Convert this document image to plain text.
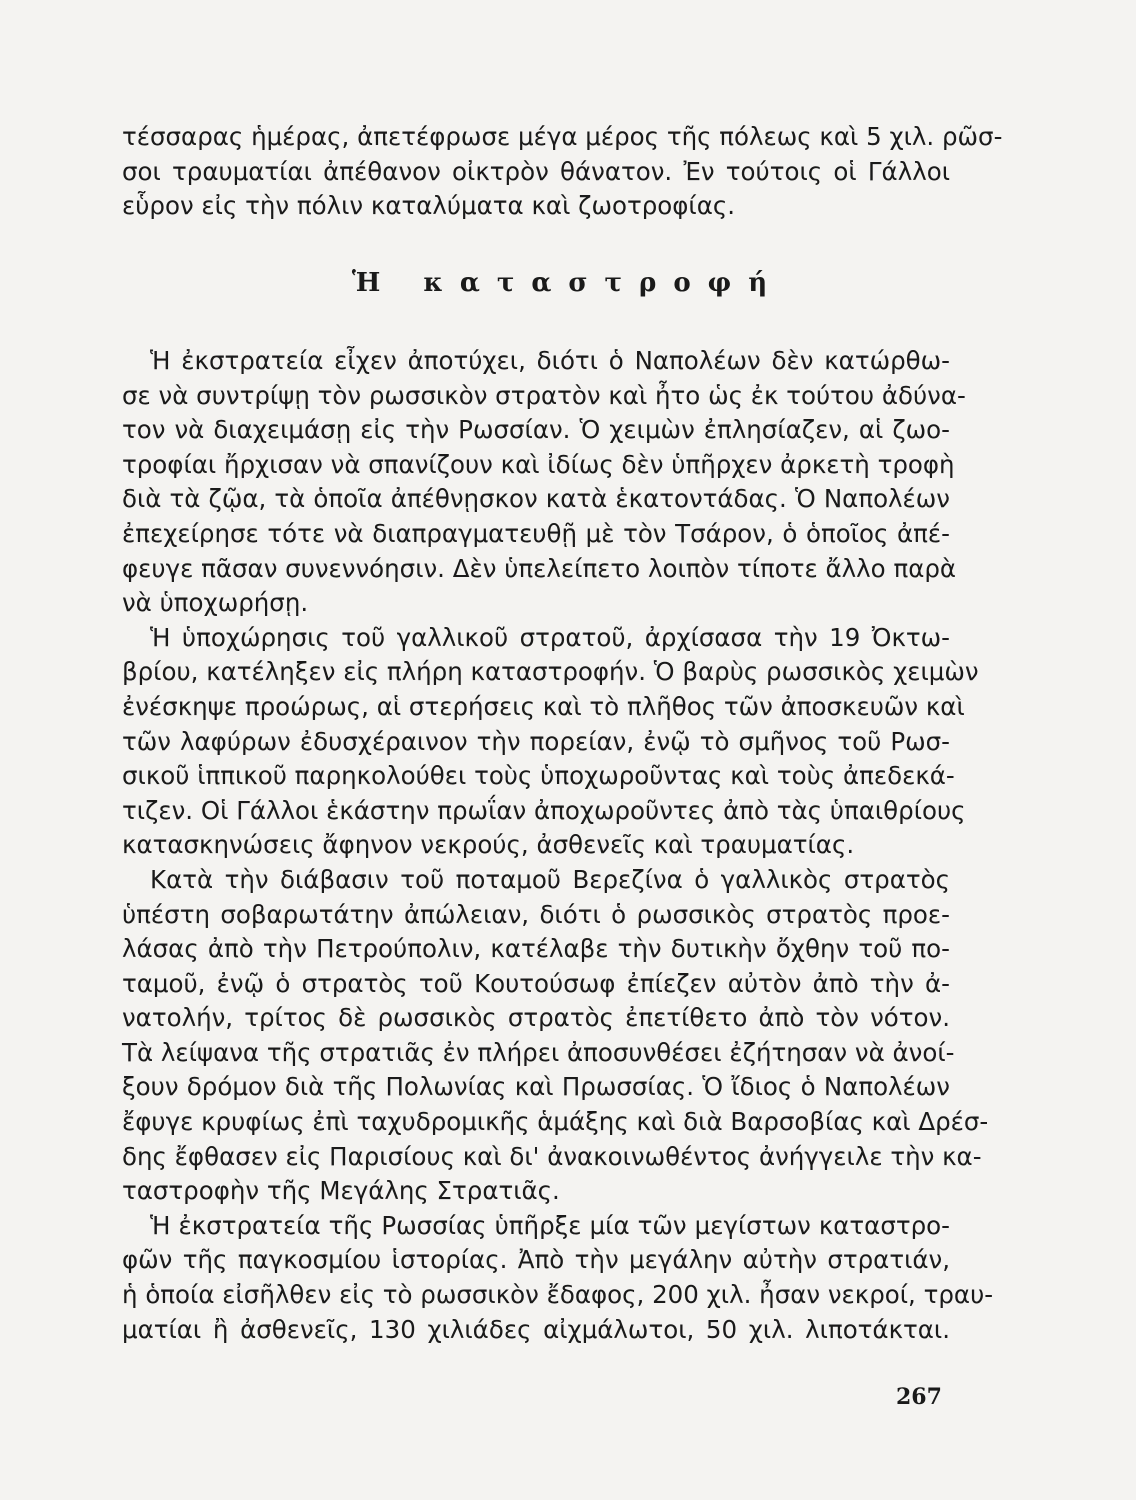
τέσσαρας ἡμέρας, ἀπετέφρωσε μέγα μέρος τῆς πόλεως καὶ 5 χιλ. ρῶσ-
σοι τραυματίαι ἀπέθανον οἰκτρὸν θάνατον. Ἐν τούτοις οἱ Γάλλοι
εὗρον εἰς τὴν πόλιν καταλύματα καὶ ζωοτροφίας.
Ἡ καταστροφή
Ἡ ἐκστρατεία εἶχεν ἀποτύχει, διότι ὁ Ναπολέων δὲν κατώρθω-
σε νὰ συντρίψῃ τὸν ρωσσικὸν στρατὸν καὶ ἦτο ὡς ἐκ τούτου ἀδύνα-
τον νὰ διαχειμάσῃ εἰς τὴν Ρωσσίαν. Ὁ χειμὼν ἐπλησίαζεν, αἱ ζωο-
τροφίαι ἤρχισαν νὰ σπανίζουν καὶ ἰδίως δὲν ὑπῆρχεν ἀρκετὴ τροφὴ
διὰ τὰ ζῷα, τὰ ὁποῖα ἀπέθνῃσκον κατὰ ἑκατοντάδας. Ὁ Ναπολέων
ἐπεχείρησε τότε νὰ διαπραγματευθῇ μὲ τὸν Τσάρον, ὁ ὁποῖος ἀπέ-
φευγε πᾶσαν συνεννόησιν. Δὲν ὑπελείπετο λοιπὸν τίποτε ἄλλο παρὰ
νὰ ὑποχωρήσῃ.
Ἡ ὑποχώρησις τοῦ γαλλικοῦ στρατοῦ, ἀρχίσασα τὴν 19 Ὀκτω-
βρίου, κατέληξεν εἰς πλήρη καταστροφήν. Ὁ βαρὺς ρωσσικὸς χειμὼν
ἐνέσκηψε προώρως, αἱ στερήσεις καὶ τὸ πλῆθος τῶν ἀποσκευῶν καὶ
τῶν λαφύρων ἐδυσχέραινον τὴν πορείαν, ἐνῷ τὸ σμῆνος τοῦ Ρωσ-
σικοῦ ἱππικοῦ παρηκολούθει τοὺς ὑποχωροῦντας καὶ τοὺς ἀπεδεκά-
τιζεν. Οἱ Γάλλοι ἑκάστην πρωΐαν ἀποχωροῦντες ἀπὸ τὰς ὑπαιθρίους
κατασκηνώσεις ἄφηνον νεκρούς, ἀσθενεῖς καὶ τραυματίας.
Κατὰ τὴν διάβασιν τοῦ ποταμοῦ Βερεζίνα ὁ γαλλικὸς στρατὸς
ὑπέστη σοβαρωτάτην ἀπώλειαν, διότι ὁ ρωσσικὸς στρατὸς προε-
λάσας ἀπὸ τὴν Πετρούπολιν, κατέλαβε τὴν δυτικὴν ὄχθην τοῦ πο-
ταμοῦ, ἐνῷ ὁ στρατὸς τοῦ Κουτούσωφ ἐπίεζεν αὐτὸν ἀπὸ τὴν ἀ-
νατολήν, τρίτος δὲ ρωσσικὸς στρατὸς ἐπετίθετο ἀπὸ τὸν νότον.
Τὰ λείψανα τῆς στρατιᾶς ἐν πλήρει ἀποσυνθέσει ἐζήτησαν νὰ ἀνοί-
ξουν δρόμον διὰ τῆς Πολωνίας καὶ Πρωσσίας. Ὁ ἴδιος ὁ Ναπολέων
ἔφυγε κρυφίως ἐπὶ ταχυδρομικῆς ἁμάξης καὶ διὰ Βαρσοβίας καὶ Δρέσ-
δης ἔφθασεν εἰς Παρισίους καὶ δι' ἀνακοινωθέντος ἀνήγγειλε τὴν κα-
ταστροφὴν τῆς Μεγάλης Στρατιᾶς.
Ἡ ἐκστρατεία τῆς Ρωσσίας ὑπῆρξε μία τῶν μεγίστων καταστρο-
φῶν τῆς παγκοσμίου ἱστορίας. Ἀπὸ τὴν μεγάλην αὐτὴν στρατιάν,
ἡ ὁποία εἰσῆλθεν εἰς τὸ ρωσσικὸν ἔδαφος, 200 χιλ. ἦσαν νεκροί, τραυ-
ματίαι ἢ ἀσθενεῖς, 130 χιλιάδες αἰχμάλωτοι, 50 χιλ. λιποτάκται.
267
